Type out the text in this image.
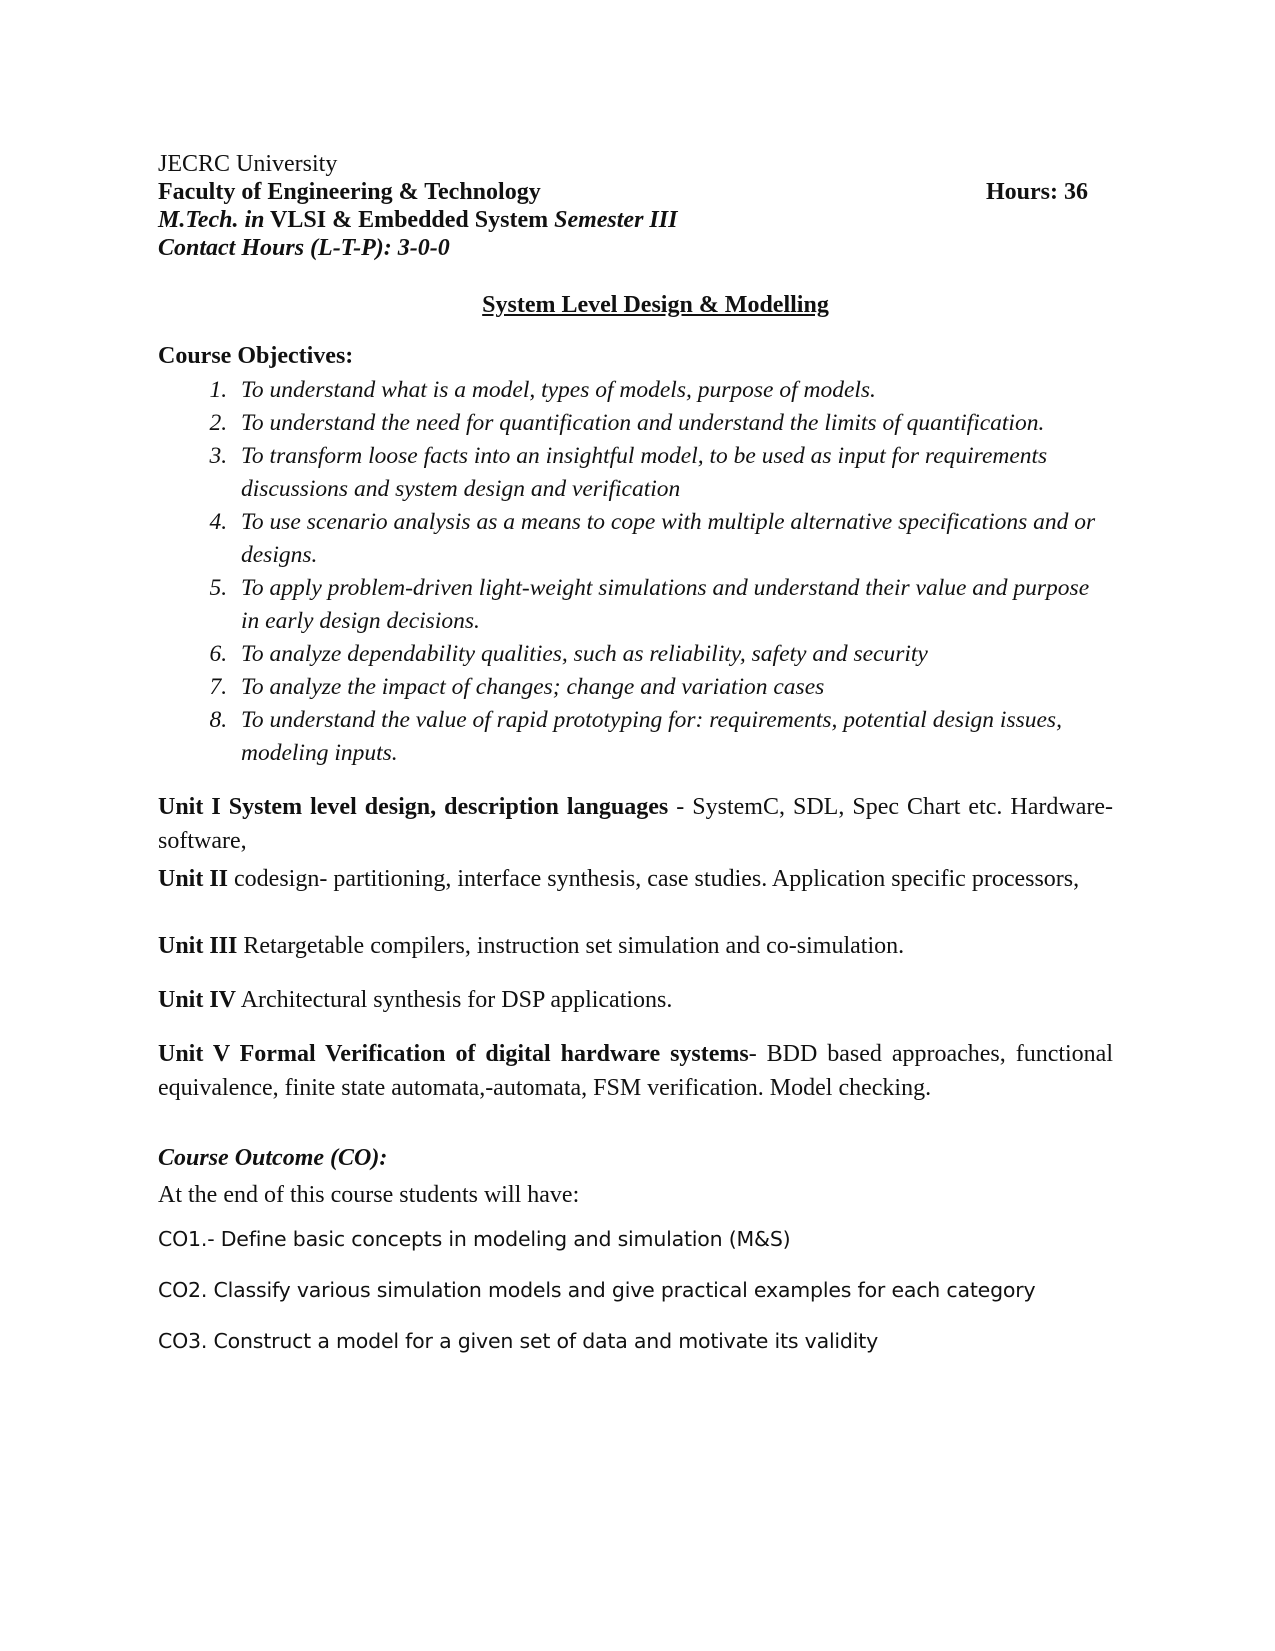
JECRC University
Faculty of Engineering & Technology	Hours: 36
M.Tech. in VLSI & Embedded System Semester III
Contact Hours (L-T-P): 3-0-0
System Level Design & Modelling
Course Objectives:
1. To understand what is a model, types of models, purpose of models.
2. To understand the need for quantification and understand the limits of quantification.
3. To transform loose facts into an insightful model, to be used as input for requirements discussions and system design and verification
4. To use scenario analysis as a means to cope with multiple alternative specifications and or designs.
5. To apply problem-driven light-weight simulations and understand their value and purpose in early design decisions.
6. To analyze dependability qualities, such as reliability, safety and security
7. To analyze the impact of changes; change and variation cases
8. To understand the value of rapid prototyping for: requirements, potential design issues, modeling inputs.
Unit I System level design, description languages - SystemC, SDL, Spec Chart etc. Hardware-software,
Unit II codesign- partitioning, interface synthesis, case studies. Application specific processors,
Unit III Retargetable compilers, instruction set simulation and co-simulation.
Unit IV Architectural synthesis for DSP applications.
Unit V Formal Verification of digital hardware systems- BDD based approaches, functional equivalence, finite state automata,-automata, FSM verification. Model checking.
Course Outcome (CO):
At the end of this course students will have:
CO1.- Define basic concepts in modeling and simulation (M&S)
CO2. Classify various simulation models and give practical examples for each category
CO3. Construct a model for a given set of data and motivate its validity
